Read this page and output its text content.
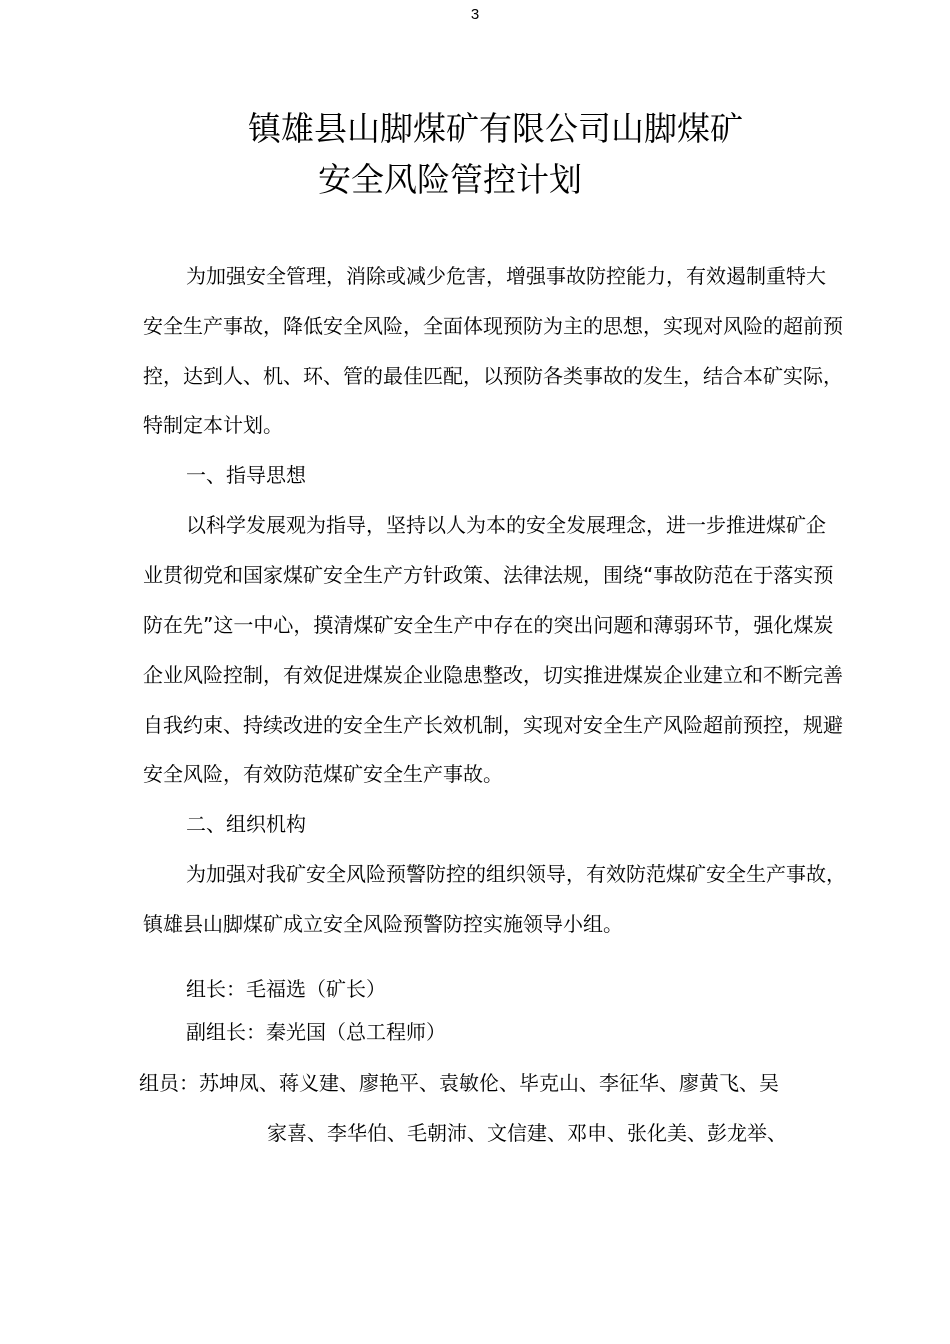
3
镇雄县山脚煤矿有限公司山脚煤矿
安全风险管控计划
为加强安全管理，消除或减少危害，增强事故防控能力，有效遏制重特大
安全生产事故，降低安全风险，全面体现预防为主的思想，实现对风险的超前预
控，达到人、机、环、管的最佳匹配，以预防各类事故的发生，结合本矿实际，
特制定本计划。
一、指导思想
以科学发展观为指导，坚持以人为本的安全发展理念，进一步推进煤矿企
业贯彻党和国家煤矿安全生产方针政策、法律法规，围绕“事故防范在于落实预
防在先”这一中心，摸清煤矿安全生产中存在的突出问题和薄弱环节，强化煤炭
企业风险控制，有效促进煤炭企业隐患整改，切实推进煤炭企业建立和不断完善
自我约束、持续改进的安全生产长效机制，实现对安全生产风险超前预控，规避
安全风险，有效防范煤矿安全生产事故。
二、组织机构
为加强对我矿安全风险预警防控的组织领导，有效防范煤矿安全生产事故，
镇雄县山脚煤矿成立安全风险预警防控实施领导小组。
组长：毛福选（矿长）
副组长：秦光国（总工程师）
组员：苏坤凤、蒋义建、廖艳平、袁敏伦、毕克山、李征华、廖黄飞、吴
家喜、李华伯、毛朝沛、文信建、邓申、张化美、彭龙举、
